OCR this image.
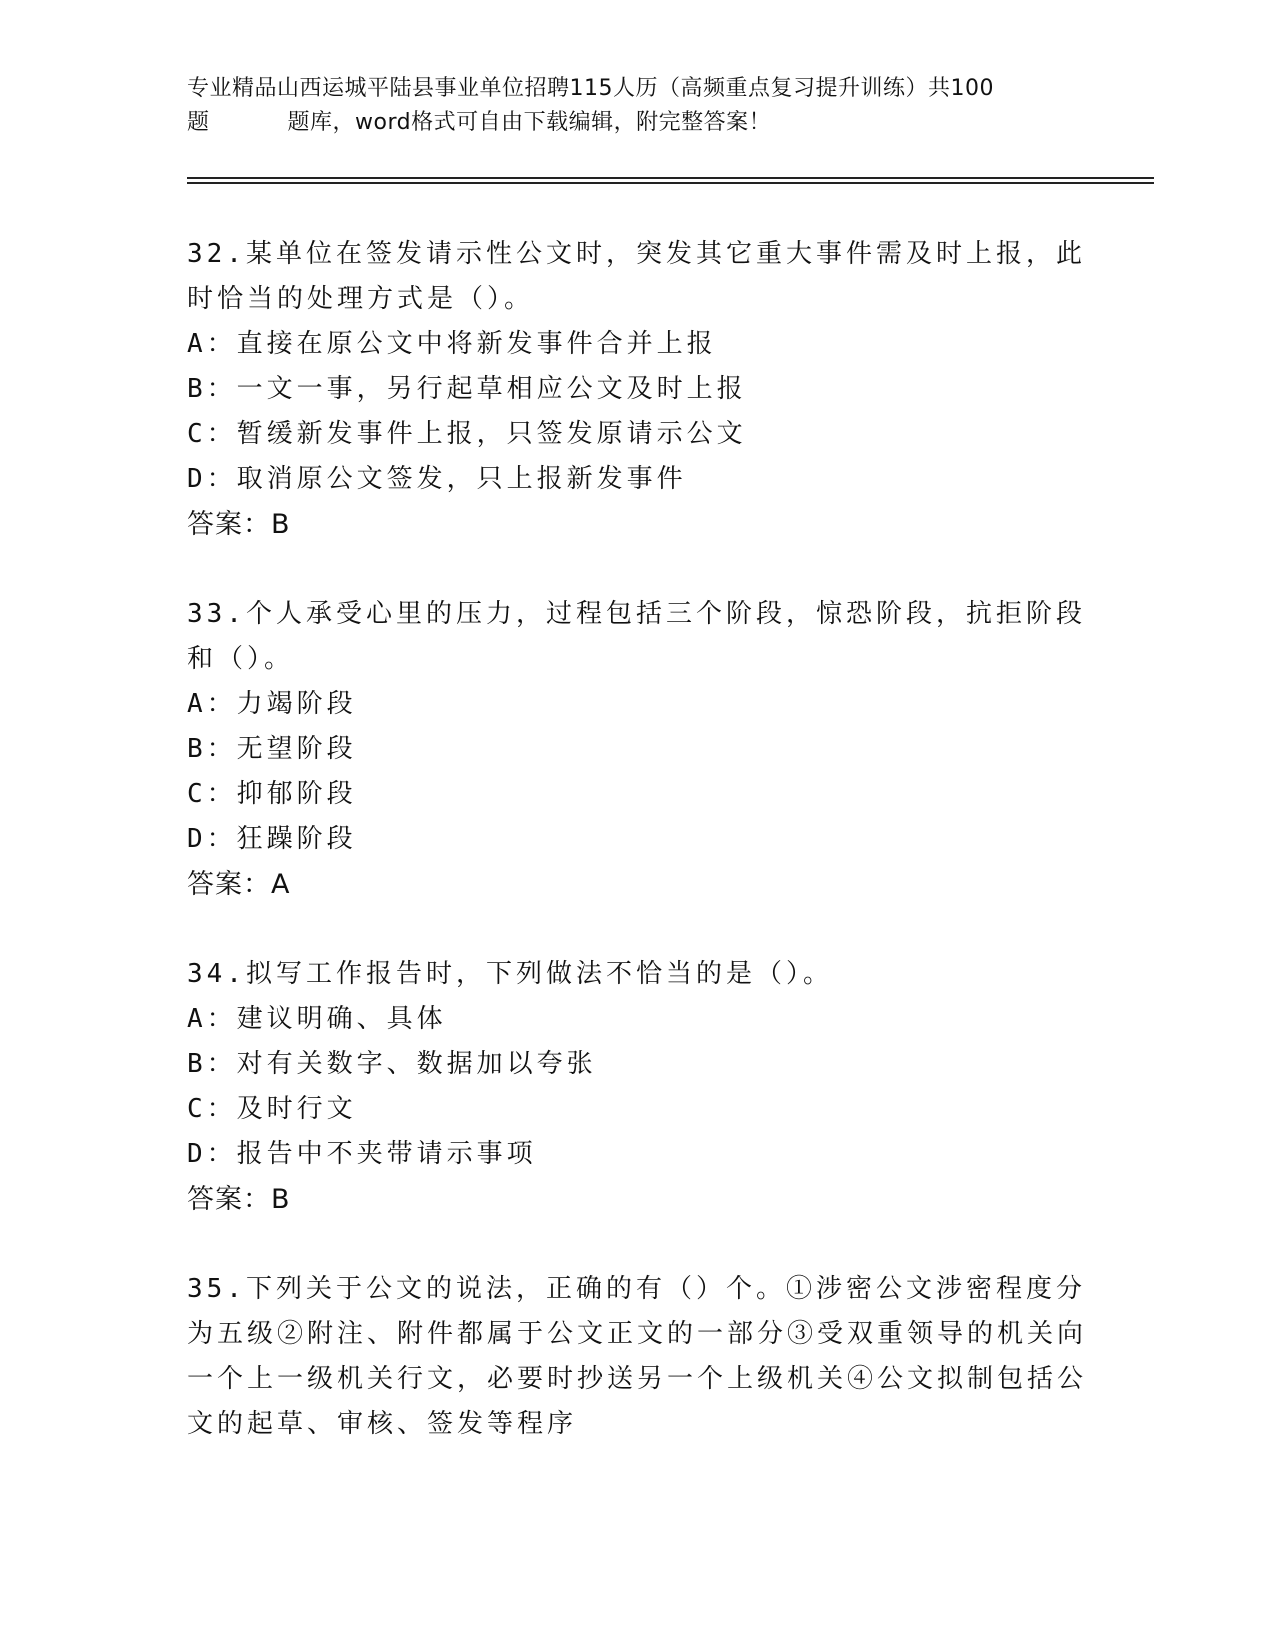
专业精品山西运城平陆县事业单位招聘115人历（高频重点复习提升训练）共100
题	题库，word格式可自由下载编辑，附完整答案！
32.某单位在签发请示性公文时，突发其它重大事件需及时上报，此时恰当的处理方式是（）。
A：直接在原公文中将新发事件合并上报
B：一文一事，另行起草相应公文及时上报
C：暂缓新发事件上报，只签发原请示公文
D：取消原公文签发，只上报新发事件
答案：B
33.个人承受心里的压力，过程包括三个阶段，惊恐阶段，抗拒阶段和（）。
A：力竭阶段
B：无望阶段
C：抑郁阶段
D：狂躁阶段
答案：A
34.拟写工作报告时，下列做法不恰当的是（）。
A：建议明确、具体
B：对有关数字、数据加以夸张
C：及时行文
D：报告中不夹带请示事项
答案：B
35.下列关于公文的说法，正确的有（）个。①涉密公文涉密程度分为五级②附注、附件都属于公文正文的一部分③受双重领导的机关向一个上一级机关行文，必要时抄送另一个上级机关④公文拟制包括公文的起草、审核、签发等程序
